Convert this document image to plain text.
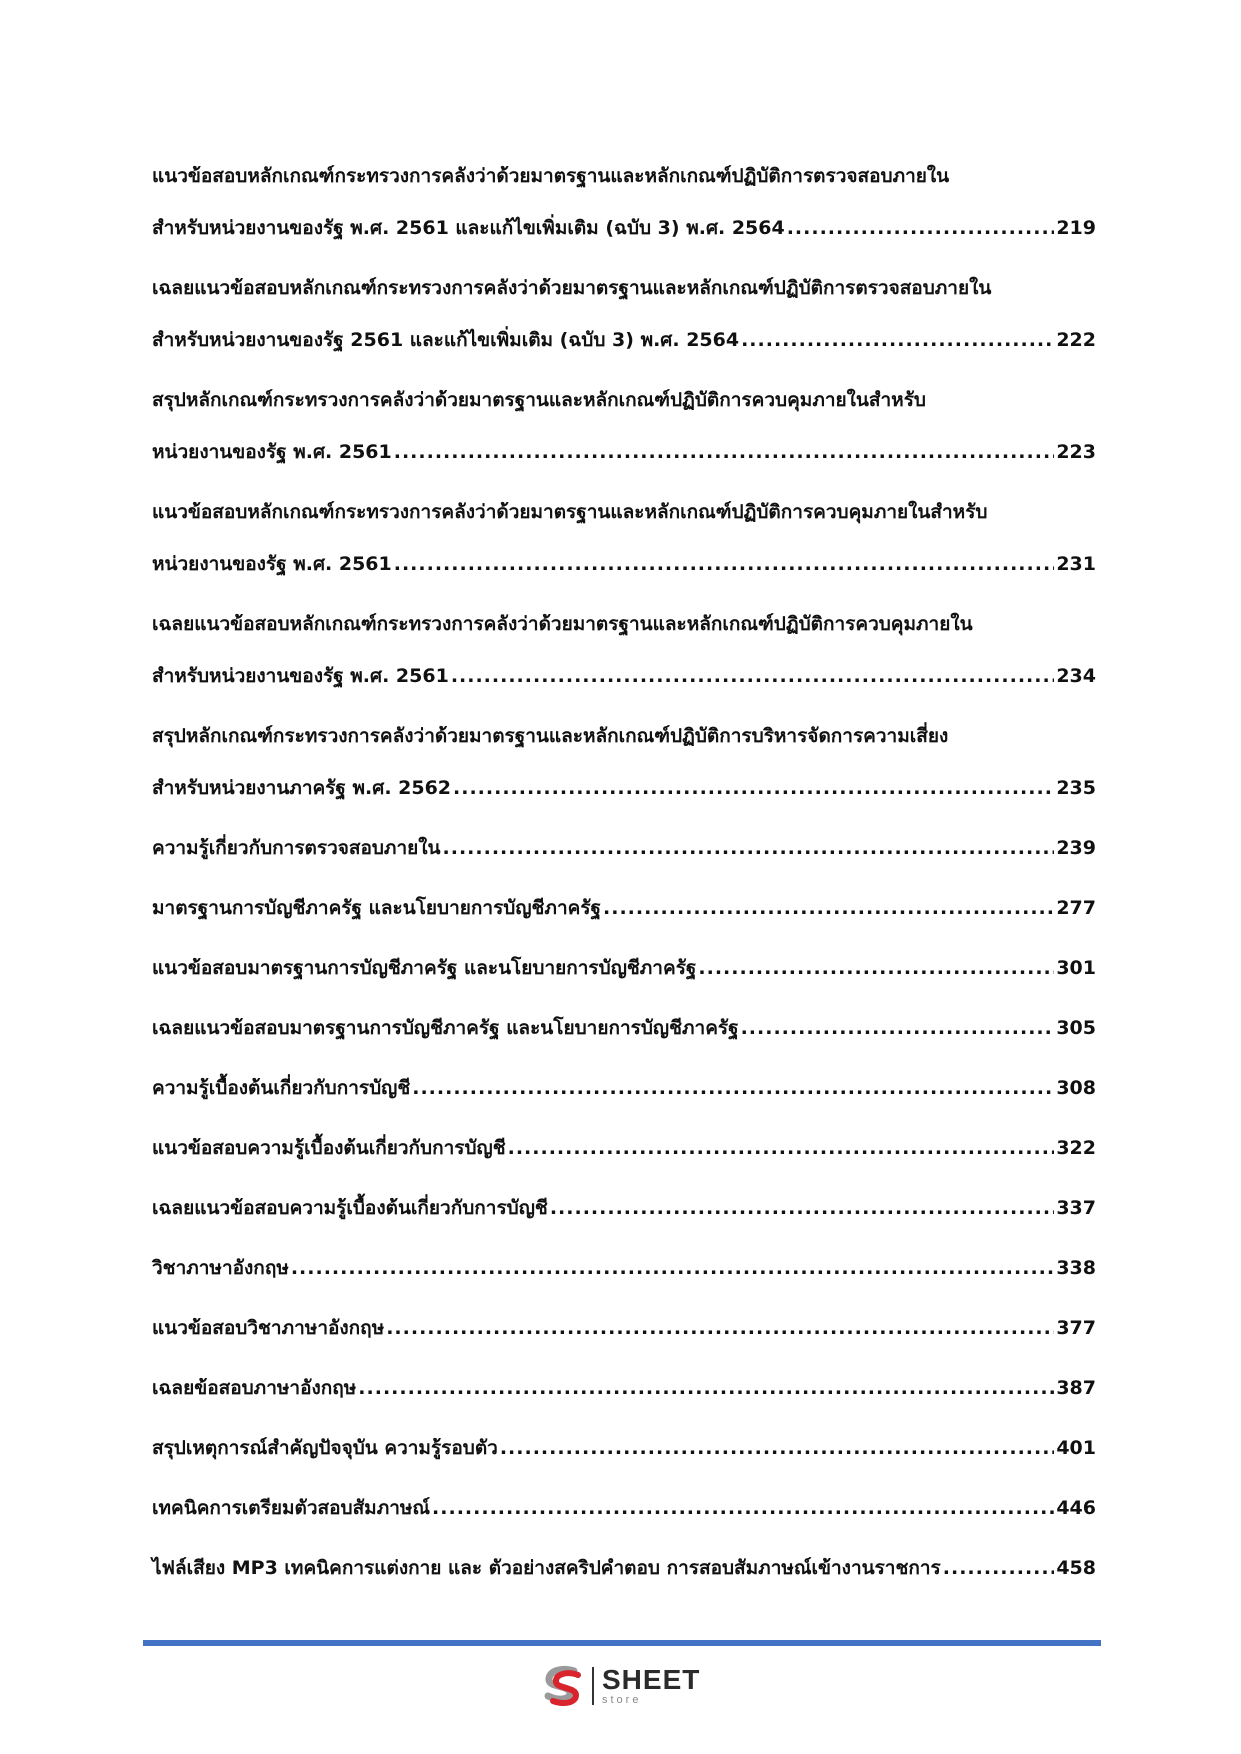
แนวข้อสอบหลักเกณฑ์กระทรวงการคลังว่าด้วยมาตรฐานและหลักเกณฑ์ปฏิบัติการตรวจสอบภายใน
สำหรับหน่วยงานของรัฐ พ.ศ. 2561 และแก้ไขเพิ่มเติม (ฉบับ 3) พ.ศ. 2564 .....	219
เฉลยแนวข้อสอบหลักเกณฑ์กระทรวงการคลังว่าด้วยมาตรฐานและหลักเกณฑ์ปฏิบัติการตรวจสอบภายใน
สำหรับหน่วยงานของรัฐ 2561 และแก้ไขเพิ่มเติม (ฉบับ 3) พ.ศ. 2564 .....	222
สรุปหลักเกณฑ์กระทรวงการคลังว่าด้วยมาตรฐานและหลักเกณฑ์ปฏิบัติการควบคุมภายในสำหรับ
หน่วยงานของรัฐ พ.ศ. 2561 .....	223
แนวข้อสอบหลักเกณฑ์กระทรวงการคลังว่าด้วยมาตรฐานและหลักเกณฑ์ปฏิบัติการควบคุมภายในสำหรับ
หน่วยงานของรัฐ พ.ศ. 2561 .....	231
เฉลยแนวข้อสอบหลักเกณฑ์กระทรวงการคลังว่าด้วยมาตรฐานและหลักเกณฑ์ปฏิบัติการควบคุมภายใน
สำหรับหน่วยงานของรัฐ พ.ศ. 2561 .....	234
สรุปหลักเกณฑ์กระทรวงการคลังว่าด้วยมาตรฐานและหลักเกณฑ์ปฏิบัติการบริหารจัดการความเสี่ยง
สำหรับหน่วยงานภาครัฐ พ.ศ. 2562 .....	235
ความรู้เกี่ยวกับการตรวจสอบภายใน .....	239
มาตรฐานการบัญชีภาครัฐ และนโยบายการบัญชีภาครัฐ .....	277
แนวข้อสอบมาตรฐานการบัญชีภาครัฐ และนโยบายการบัญชีภาครัฐ .....	301
เฉลยแนวข้อสอบมาตรฐานการบัญชีภาครัฐ และนโยบายการบัญชีภาครัฐ .....	305
ความรู้เบื้องต้นเกี่ยวกับการบัญชี .....	308
แนวข้อสอบความรู้เบื้องต้นเกี่ยวกับการบัญชี .....	322
เฉลยแนวข้อสอบความรู้เบื้องต้นเกี่ยวกับการบัญชี .....	337
วิชาภาษาอังกฤษ .....	338
แนวข้อสอบวิชาภาษาอังกฤษ .....	377
เฉลยข้อสอบภาษาอังกฤษ .....	387
สรุปเหตุการณ์สำคัญปัจจุบัน ความรู้รอบตัว .....	401
เทคนิคการเตรียมตัวสอบสัมภาษณ์ .....	446
ไฟล์เสียง MP3 เทคนิคการแต่งกาย และ ตัวอย่างสคริปคำตอบ การสอบสัมภาษณ์เข้างานราชการ .....	458
SHEET
store
